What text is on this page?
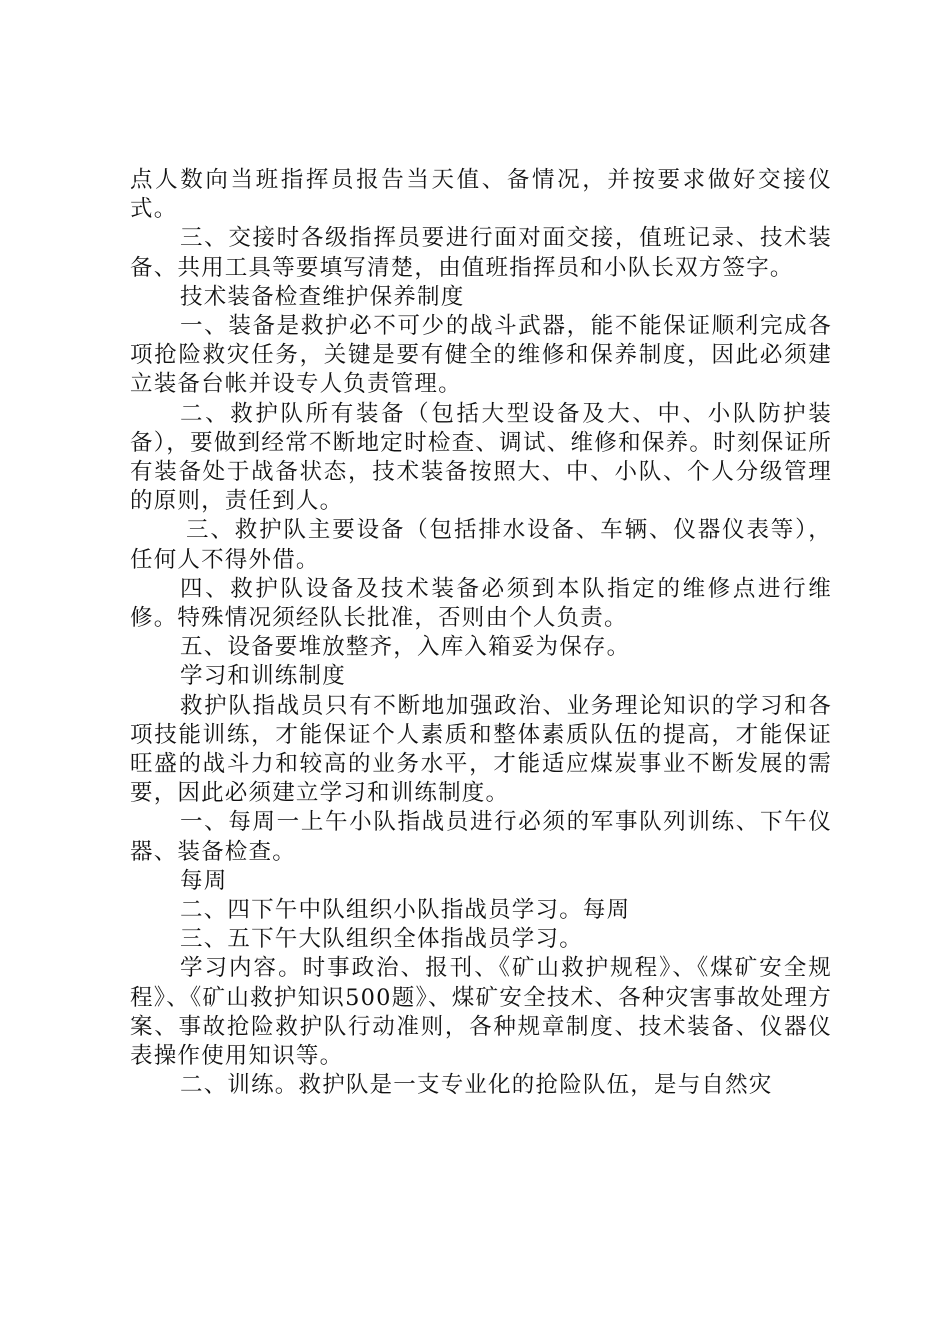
点人数向当班指挥员报告当天值、备情况，并按要求做好交接仪式。

三、交接时各级指挥员要进行面对面交接，值班记录、技术装备、共用工具等要填写清楚，由值班指挥员和小队长双方签字。

技术装备检查维护保养制度

一、装备是救护必不可少的战斗武器，能不能保证顺利完成各项抢险救灾任务，关键是要有健全的维修和保养制度，因此必须建立装备台帐并设专人负责管理。

二、救护队所有装备（包括大型设备及大、中、小队防护装备），要做到经常不断地定时检查、调试、维修和保养。时刻保证所有装备处于战备状态，技术装备按照大、中、小队、个人分级管理的原则，责任到人。

三、救护队主要设备（包括排水设备、车辆、仪器仪表等），任何人不得外借。

四、救护队设备及技术装备必须到本队指定的维修点进行维修。特殊情况须经队长批准，否则由个人负责。

五、设备要堆放整齐，入库入箱妥为保存。

学习和训练制度

救护队指战员只有不断地加强政治、业务理论知识的学习和各项技能训练，才能保证个人素质和整体素质队伍的提高，才能保证旺盛的战斗力和较高的业务水平，才能适应煤炭事业不断发展的需要，因此必须建立学习和训练制度。

一、每周一上午小队指战员进行必须的军事队列训练、下午仪器、装备检查。

每周

二、四下午中队组织小队指战员学习。每周

三、五下午大队组织全体指战员学习。

学习内容。时事政治、报刊、《矿山救护规程》、《煤矿安全规程》、《矿山救护知识500题》、煤矿安全技术、各种灾害事故处理方案、事故抢险救护队行动准则，各种规章制度、技术装备、仪器仪表操作使用知识等。

二、训练。救护队是一支专业化的抢险队伍，是与自然灾
